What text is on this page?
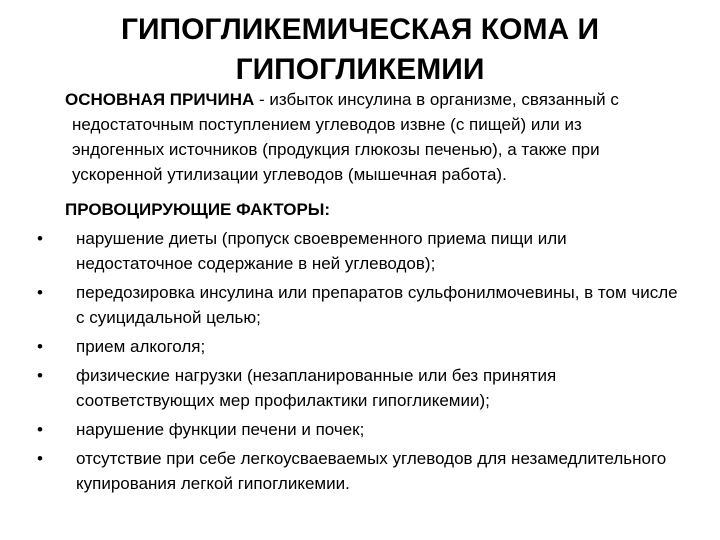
ГИПОГЛИКЕМИЧЕСКАЯ КОМА И ГИПОГЛИКЕМИИ

ОСНОВНАЯ ПРИЧИНА - избыток инсулина в организме, связанный с недостаточным поступлением углеводов извне (с пищей) или из эндогенных источников (продукция глюкозы печенью), а также при ускоренной утилизации углеводов (мышечная работа).

ПРОВОЦИРУЮЩИЕ ФАКТОРЫ:
•	нарушение диеты (пропуск своевременного приема пищи или недостаточное содержание в ней углеводов);
•	передозировка инсулина или препаратов сульфонилмочевины, в том числе с суицидальной целью;
•	прием алкоголя;
•	физические нагрузки (незапланированные или без принятия соответствующих мер профилактики гипогликемии);
•	нарушение функции печени и почек;
•	отсутствие при себе легкоусваеваемых углеводов для незамедлительного купирования легкой гипогликемии.
